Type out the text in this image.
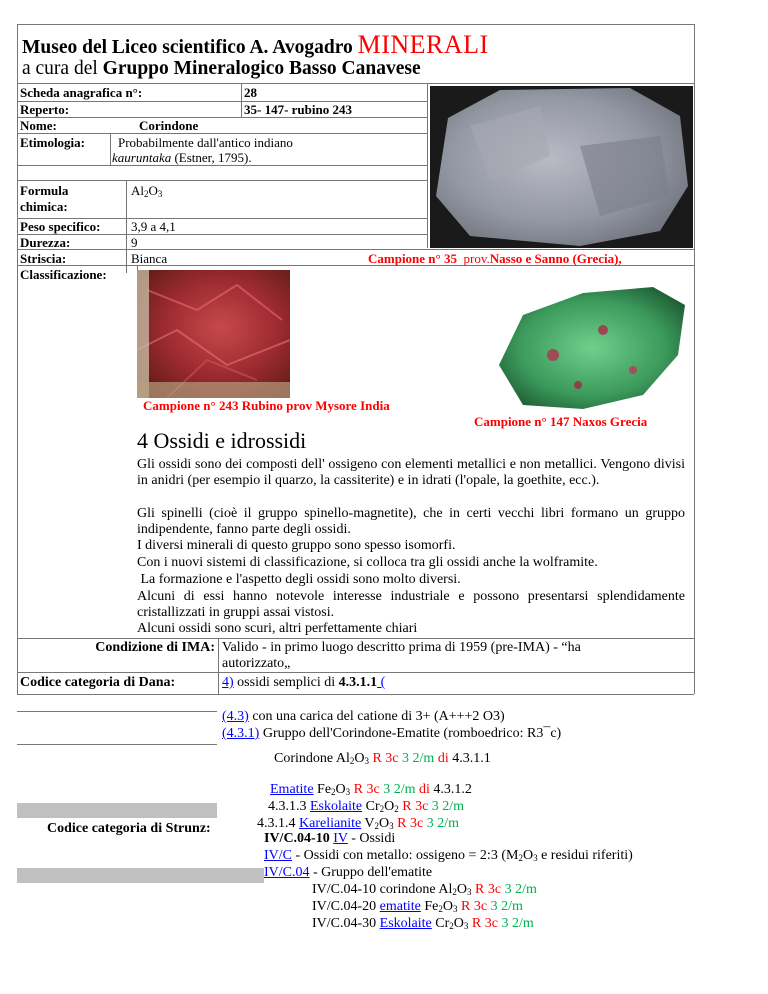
Museo del Liceo scientifico A. Avogadro MINERALI
a cura del Gruppo Mineralogico Basso Canavese
Scheda anagrafica n°:	28
Reperto:	35- 147- rubino 243
Nome:	Corindone
Etimologia:	Probabilmente dall'antico indiano
kauruntaka (Estner, 1795).
Formula
chimica:
$Al_2O_3$
Peso specifico: 3,9 a 4,1
Durezza:	9
Striscia:	Bianca
Classificazione:
Campione n° 35 prov.Nasso e Sanno (Grecia),
Campione n° 243 Rubino prov Mysore India
Campione n° 147 Naxos Grecia
4 Ossidi e idrossidi
Gli ossidi sono dei composti dell' ossigeno con elementi metallici e non metallici. Vengono divisi in anidri (per esempio il quarzo, la cassiterite) e in idrati (l'opale, la goethite, ecc.).
Gli spinelli (cioè il gruppo spinello-magnetite), che in certi vecchi libri formano un gruppo indipendente, fanno parte degli ossidi.
I diversi minerali di questo gruppo sono spesso isomorfi.
Con i nuovi sistemi di classificazione, si colloca tra gli ossidi anche la wolframite.
La formazione e l'aspetto degli ossidi sono molto diversi.
Alcuni di essi hanno notevole interesse industriale e possono presentarsi splendidamente cristallizzati in gruppi assai vistosi.
Alcuni ossidi sono scuri, altri perfettamente chiari
Condizione di IMA: Valido - in primo luogo descritto prima di 1959 (pre-IMA) - “ha
autorizzato„
Codice categoria di Dana:	4) ossidi semplici di 4.3.1.1 (
(4.3) con una carica del catione di 3+ (A+++2 O3)
(4.3.1) Gruppo dell'Corindone-Ematite (romboedrico: R3¯c)
Corindone $Al_2O_3$ R 3c 3 2/m di 4.3.1.1
Ematite $Fe_2O_3$ R 3c 3 2/m di 4.3.1.2
4.3.1.3 Eskolaite $Cr_2O_2$ R 3c 3 2/m
4.3.1.4 Karelianite $V_2O_3$ R 3c 3 2/m
Codice categoria di Strunz:
IV/C.04-10 IV - Ossidi
IV/C - Ossidi con metallo: ossigeno = 2:3 ($M_2O_3$ e residui riferiti)
IV/C.04 - Gruppo dell'ematite
IV/C.04-10 corindone $Al_2O_3$ R 3c 3 2/m
IV/C.04-20 ematite $Fe_2O_3$ R 3c 3 2/m
IV/C.04-30 Eskolaite $Cr_2O_3$ R 3c 3 2/m
